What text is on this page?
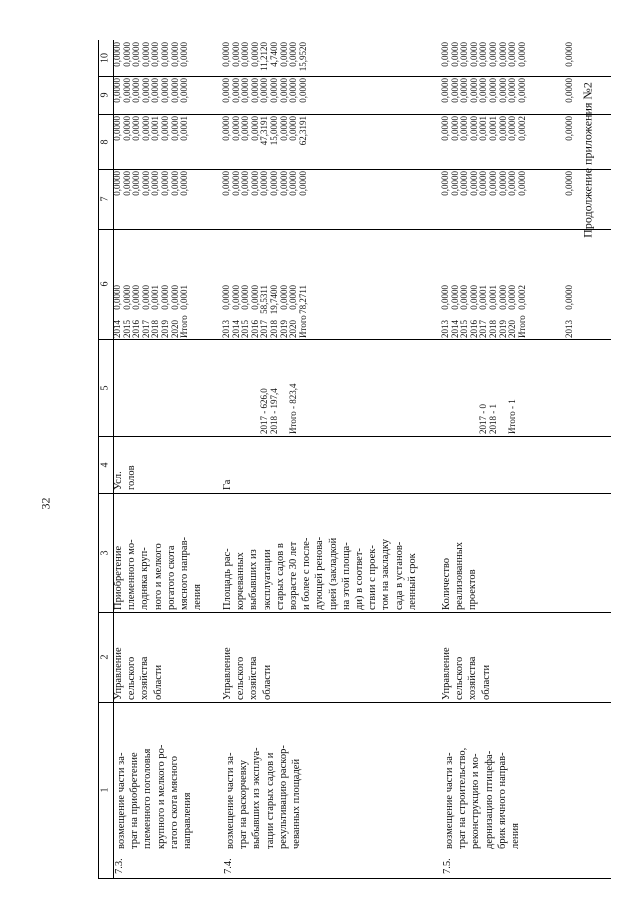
32
Продолжение приложения №2
1
2
3
4
5
6
7
8
9
10
7.3.
возмещение части за- трат на приобретение племенного поголовья крупного и мелкого ро- гатого скота мясного направления
Управление сельского хозяйства области
Приобретение племенного мо- лодняка круп- ного и мелкого рогатого скота мясного направ- ления
Усл. голов
2014 2015 2016 2017 2018 2019 2020 Итого
0,0000 0,0000 0,0000 0,0000 0,0001 0,0000 0,0000 0,0001
0,0000 0,0000 0,0000 0,0000 0,0000 0,0000 0,0000 0,0000
0,0000 0,0000 0,0000 0,0000 0,0001 0,0000 0,0000 0,0001
0,0000 0,0000 0,0000 0,0000 0,0000 0,0000 0,0000 0,0000
0,0000 0,0000 0,0000 0,0000 0,0000 0,0000 0,0000 0,0000
7.4.
возмещение части за- трат на раскорчевку выбывших из эксплуа- тации старых садов и рекультивацию раскор- чеванных площадей
Управление сельского хозяйства области
Площадь рас- корчеванных выбывших из эксплуатации старых садов в возрасте 30 лет и более с после- дующей ренова- цией (закладкой на этой площа- ди) в соответ- ствии с проек- том на закладку сада в установ- ленный срок
Га
2017 - 626,0 2018 - 197,4 Итого - 823,4
2013 2014 2015 2016 2017 2018 2019 2020 Итого
0,0000 0,0000 0,0000 0,0000 58,5311 19,7400 0,0000 0,0000 78,2711
0,0000 0,0000 0,0000 0,0000 0,0000 0,0000 0,0000 0,0000 0,0000
0,0000 0,0000 0,0000 0,0000 47,3191 15,0000 0,0000 0,0000 62,3191
0,0000 0,0000 0,0000 0,0000 0,0000 0,0000 0,0000 0,0000 0,0000
0,0000 0,0000 0,0000 0,0000 11,2120 4,7400 0,0000 0,0000 15,9520
7.5.
возмещение части за- трат на строительство, реконструкцию и мо- дернизацию птицефа- брик яичного направ- ления
Управление сельского хозяйства области
Количество реализованных проектов
2017 - 0 2018 - 1 Итого - 1
2013 2014 2015 2016 2017 2018 2019 2020 Итого
0,0000 0,0000 0,0000 0,0000 0,0001 0,0001 0,0000 0,0000 0,0002
0,0000 0,0000 0,0000 0,0000 0,0000 0,0000 0,0000 0,0000 0,0000
0,0000 0,0000 0,0000 0,0000 0,0001 0,0001 0,0000 0,0000 0,0002
0,0000 0,0000 0,0000 0,0000 0,0000 0,0000 0,0000 0,0000 0,0000
0,0000 0,0000 0,0000 0,0000 0,0000 0,0000 0,0000 0,0000 0,0000
2013
0,0000
0,0000
0,0000
0,0000
0,0000
